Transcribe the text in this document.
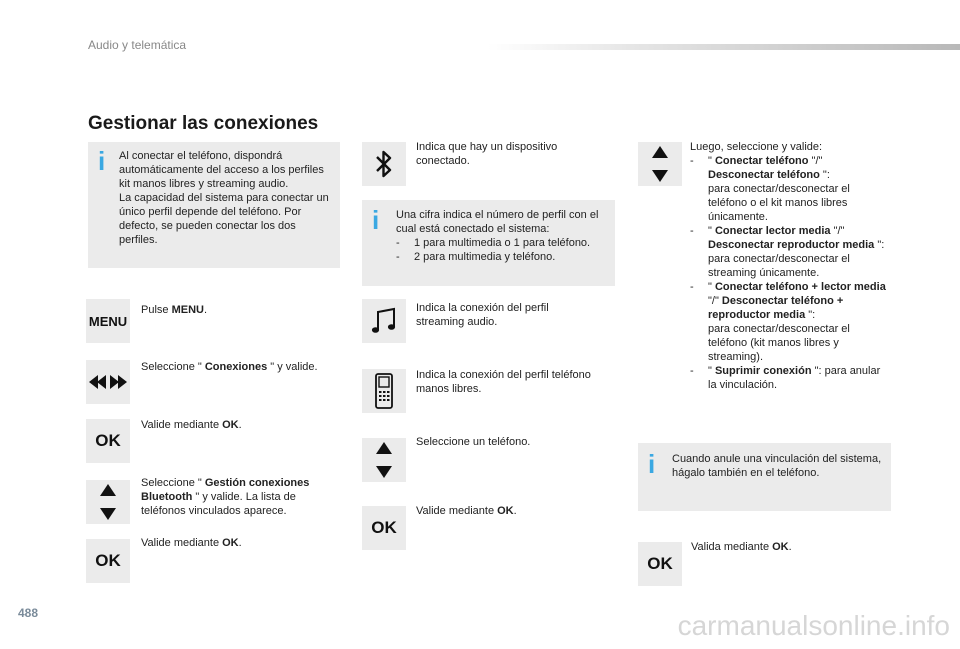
Audio y telemática
Gestionar las conexiones
i Al conectar el teléfono, dispondrá automáticamente del acceso a los perfiles kit manos libres y streaming audio.
La capacidad del sistema para conectar un único perfil depende del teléfono. Por defecto, se pueden conectar los dos perfiles.
MENU
Pulse MENU.
Seleccione " Conexiones " y valide.
OK
Valide mediante OK.
Seleccione " Gestión conexiones Bluetooth " y valide. La lista de teléfonos vinculados aparece.
OK
Valide mediante OK.
Indica que hay un dispositivo conectado.
i Una cifra indica el número de perfil con el cual está conectado el sistema:
-	1 para multimedia o 1 para teléfono.
-	2 para multimedia y teléfono.
Indica la conexión del perfil streaming audio.
Indica la conexión del perfil teléfono manos libres.
Seleccione un teléfono.
OK
Valide mediante OK.
Luego, seleccione y valide:
-	" Conectar teléfono "/"
Desconectar teléfono ":
para conectar/desconectar el teléfono o el kit manos libres únicamente.
-	" Conectar lector media "/"
Desconectar reproductor media ":
para conectar/desconectar el streaming únicamente.
-	" Conectar teléfono + lector media "/" Desconectar teléfono + reproductor media ":
para conectar/desconectar el teléfono (kit manos libres y streaming).
-	" Suprimir conexión ": para anular la vinculación.
i Cuando anule una vinculación del sistema, hágalo también en el teléfono.
OK
Valida mediante OK.
488	carmanualsonline.info
